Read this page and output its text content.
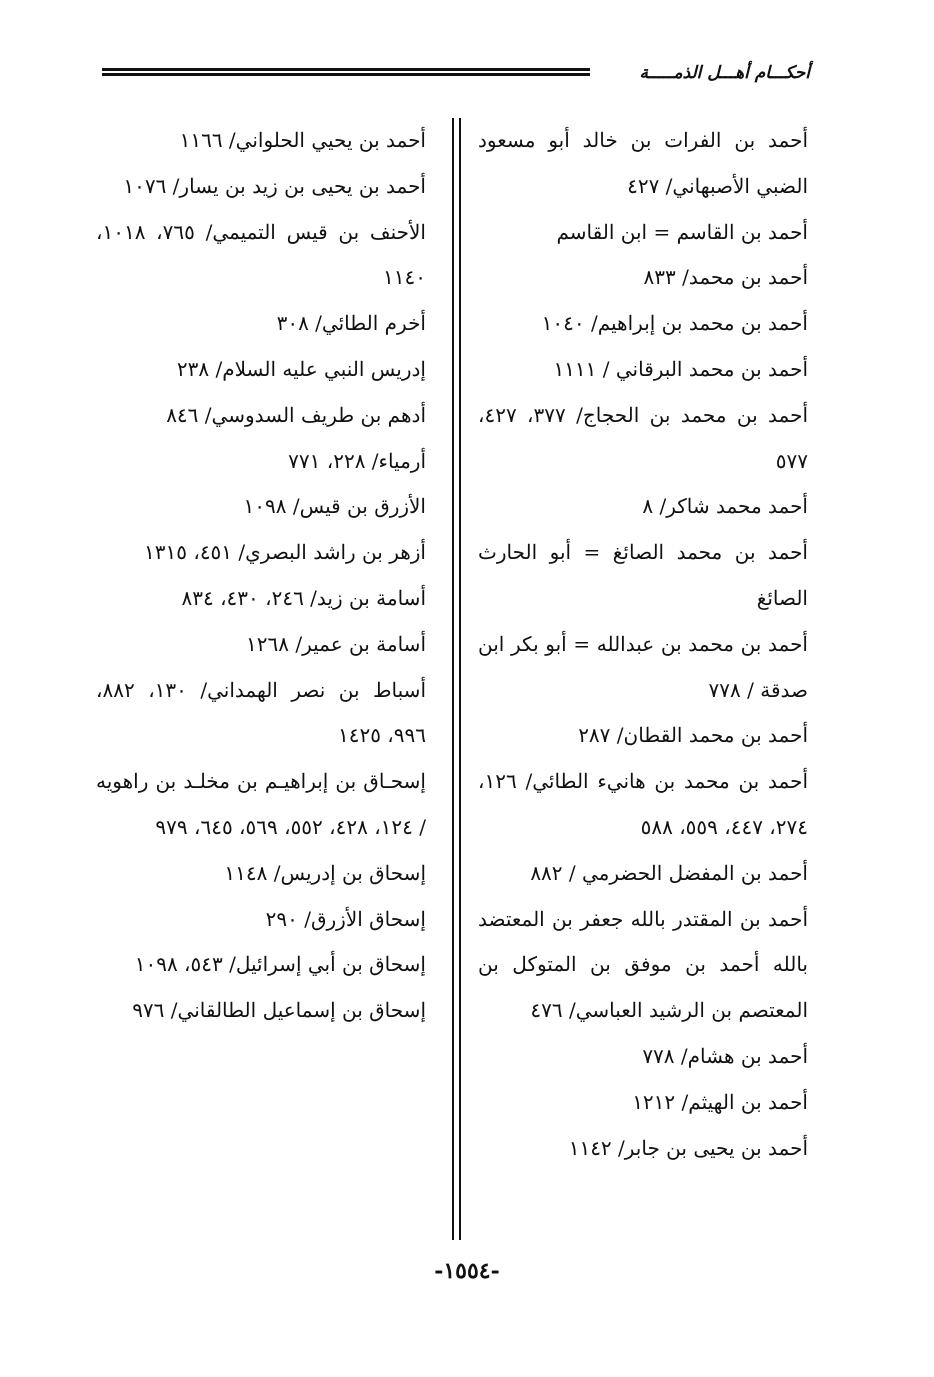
أحكـــام أهـــل الذمـــــة
أحمد بن الفرات بن خالد أبو مسعود الضبي الأصبهاني/ ٤٢٧
أحمد بن القاسم = ابن القاسم
أحمد بن محمد/ ٨٣٣
أحمد بن محمد بن إبراهيم/ ١٠٤٠
أحمد بن محمد البرقاني / ١١١١
أحمد بن محمد بن الحجاج/ ٣٧٧، ٤٢٧، ٥٧٧
أحمد محمد شاكر/ ٨
أحمد بن محمد الصائغ = أبو الحارث الصائغ
أحمد بن محمد بن عبدالله = أبو بكر ابن صدقة / ٧٧٨
أحمد بن محمد القطان/ ٢٨٧
أحمد بن محمد بن هانيء الطائي/ ١٢٦، ٢٧٤، ٤٤٧، ٥٥٩، ٥٨٨
أحمد بن المفضل الحضرمي / ٨٨٢
أحمد بن المقتدر بالله جعفر بن المعتضد بالله أحمد بن موفق بن المتوكل بن المعتصم بن الرشيد العباسي/ ٤٧٦
أحمد بن هشام/ ٧٧٨
أحمد بن الهيثم/ ١٢١٢
أحمد بن يحيى بن جابر/ ١١٤٢
أحمد بن يحيي الحلواني/ ١١٦٦
أحمد بن يحيى بن زيد بن يسار/ ١٠٧٦
الأحنف بن قيس التميمي/ ٧٦٥، ١٠١٨، ١١٤٠
أخرم الطائي/ ٣٠٨
إدريس النبي عليه السلام/ ٢٣٨
أدهم بن طريف السدوسي/ ٨٤٦
أرمياء/ ٢٢٨، ٧٧١
الأزرق بن قيس/ ١٠٩٨
أزهر بن راشد البصري/ ٤٥١، ١٣١٥
أسامة بن زيد/ ٢٤٦، ٤٣٠، ٨٣٤
أسامة بن عمير/ ١٢٦٨
أسباط بن نصر الهمداني/ ١٣٠، ٨٨٢، ٩٩٦، ١٤٢٥
إسحـاق بن إبراهيـم بن مخلـد بن راهويه / ١٢٤، ٤٢٨، ٥٥٢، ٥٦٩، ٦٤٥، ٩٧٩
إسحاق بن إدريس/ ١١٤٨
إسحاق الأزرق/ ٢٩٠
إسحاق بن أبي إسرائيل/ ٥٤٣، ١٠٩٨
إسحاق بن إسماعيل الطالقاني/ ٩٧٦
-١٥٥٤-
